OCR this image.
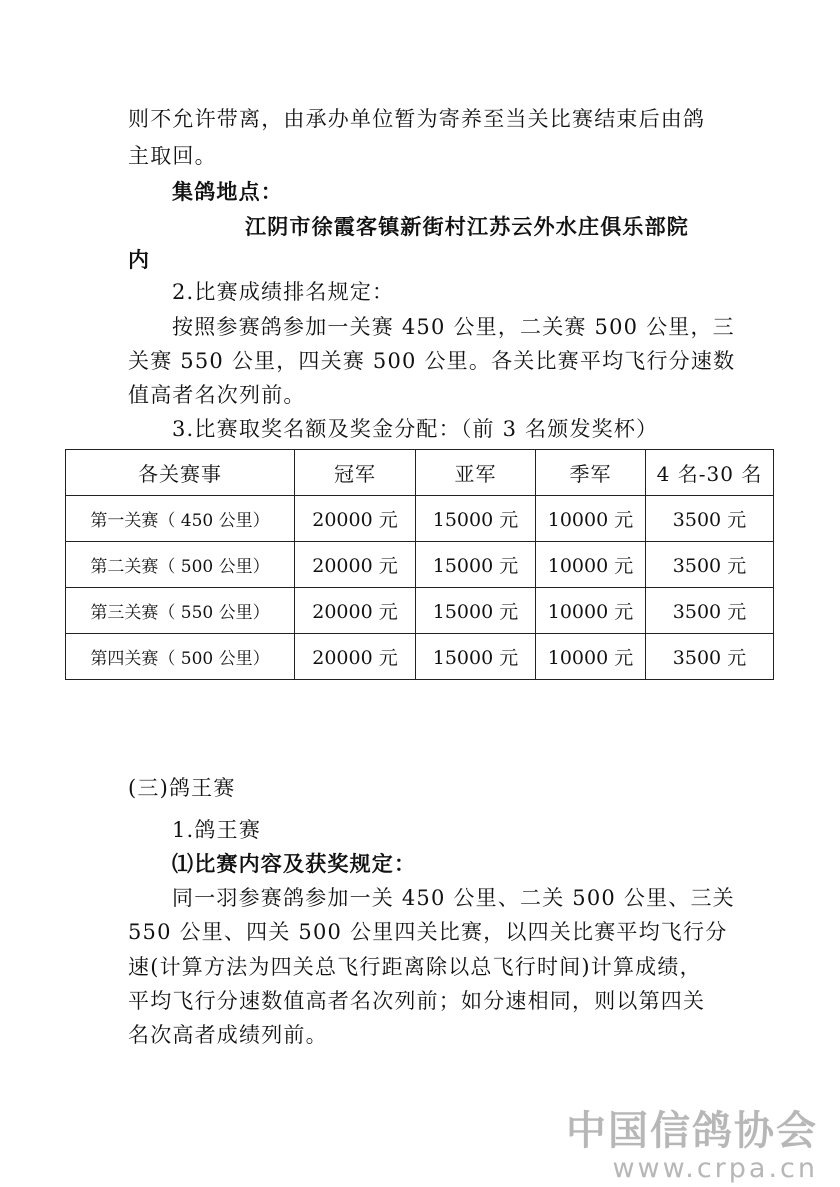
则不允许带离，由承办单位暂为寄养至当关比赛结束后由鸽
主取回。
集鸽地点：
江阴市徐霞客镇新街村江苏云外水庄俱乐部院
内
2.比赛成绩排名规定：
按照参赛鸽参加一关赛 450 公里，二关赛 500 公里，三
关赛 550 公里，四关赛 500 公里。各关比赛平均飞行分速数
值高者名次列前。
3.比赛取奖名额及奖金分配：（前 3 名颁发奖杯）
各关赛事	冠军	亚军	季军	4 名-30 名
第一关赛（ 450 公里）	20000 元	15000 元	10000 元	3500 元
第二关赛（ 500 公里）	20000 元	15000 元	10000 元	3500 元
第三关赛（ 550 公里）	20000 元	15000 元	10000 元	3500 元
第四关赛（ 500 公里）	20000 元	15000 元	10000 元	3500 元
(三)鸽王赛
1.鸽王赛
⑴比赛内容及获奖规定：
同一羽参赛鸽参加一关 450 公里、二关 500 公里、三关
550 公里、四关 500 公里四关比赛，以四关比赛平均飞行分
速(计算方法为四关总飞行距离除以总飞行时间)计算成绩，
平均飞行分速数值高者名次列前；如分速相同，则以第四关
名次高者成绩列前。
中国信鸽协会
www.crpa.cn
